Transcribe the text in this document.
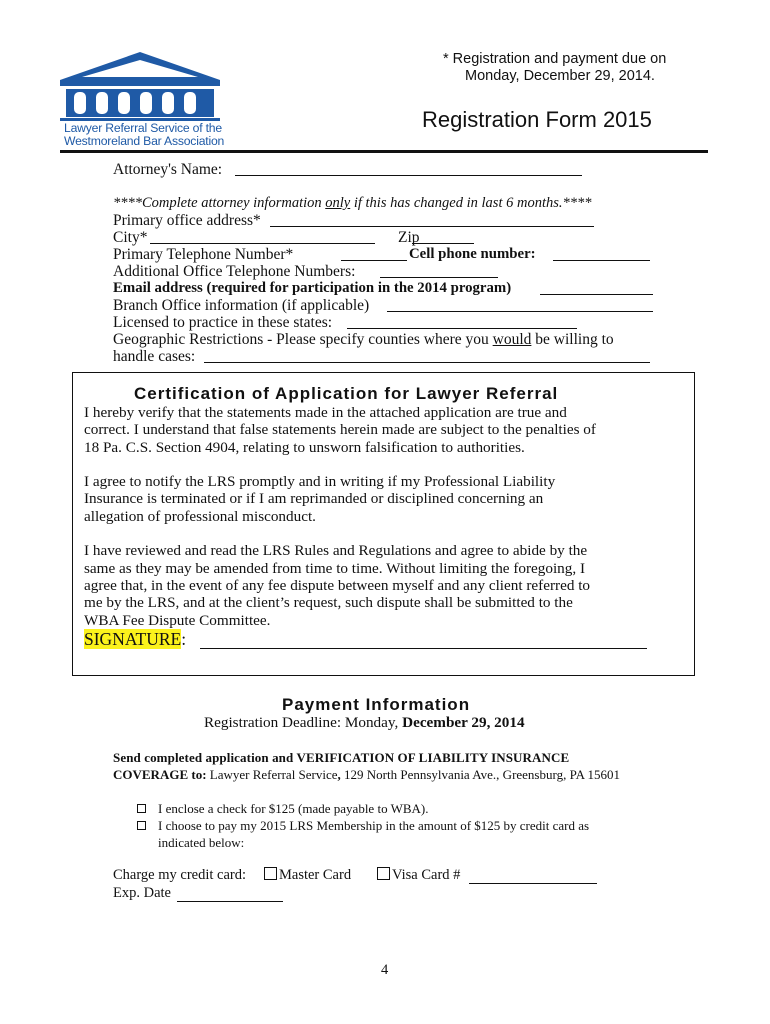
Lawyer Referral Service of the
Westmoreland Bar Association
* Registration and payment due on
Monday, December 29, 2014.
Registration Form 2015
Attorney's Name:
****Complete attorney information only if this has changed in last 6 months.****
Primary office address*
City*	Zip
Primary Telephone Number*	Cell phone number:
Additional Office Telephone Numbers:
Email address (required for participation in the 2014 program)
Branch Office information (if applicable)
Licensed to practice in these states:
Geographic Restrictions - Please specify counties where you would be willing to
handle cases:
Certification of Application for Lawyer Referral
I hereby verify that the statements made in the attached application are true and
correct. I understand that false statements herein made are subject to the penalties of
18 Pa. C.S. Section 4904, relating to unsworn falsification to authorities.
I agree to notify the LRS promptly and in writing if my Professional Liability
Insurance is terminated or if I am reprimanded or disciplined concerning an
allegation of professional misconduct.
I have reviewed and read the LRS Rules and Regulations and agree to abide by the
same as they may be amended from time to time. Without limiting the foregoing, I
agree that, in the event of any fee dispute between myself and any client referred to
me by the LRS, and at the client’s request, such dispute shall be submitted to the
WBA Fee Dispute Committee.
SIGNATURE:
Payment Information
Registration Deadline: Monday, December 29, 2014
Send completed application and VERIFICATION OF LIABILITY INSURANCE
COVERAGE to: Lawyer Referral Service, 129 North Pennsylvania Ave., Greensburg, PA 15601
I enclose a check for $125 (made payable to WBA).
I choose to pay my 2015 LRS Membership in the amount of $125 by credit card as
indicated below:
Charge my credit card:	Master Card	Visa Card #
Exp. Date
4
